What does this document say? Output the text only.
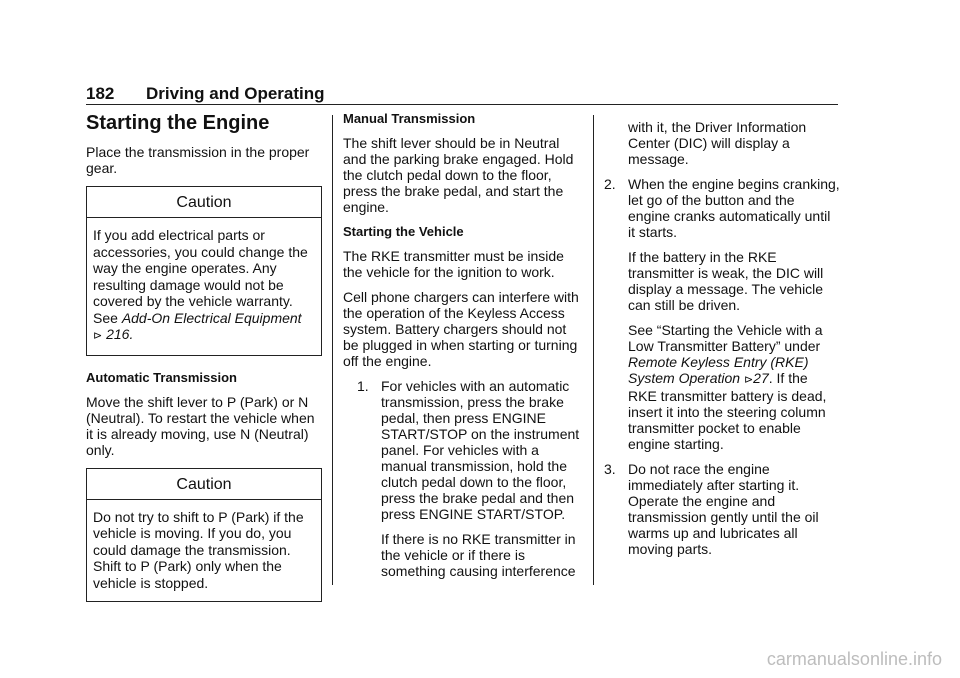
182 Driving and Operating
Starting the Engine

Place the transmission in the proper gear.

Caution
If you add electrical parts or accessories, you could change the way the engine operates. Any resulting damage would not be covered by the vehicle warranty. See Add-On Electrical Equipment
⊳ 216.
Automatic Transmission

Move the shift lever to P (Park) or N (Neutral). To restart the vehicle when it is already moving, use N (Neutral) only.

Caution
Do not try to shift to P (Park) if the vehicle is moving. If you do, you could damage the transmission. Shift to P (Park) only when the vehicle is stopped.
Manual Transmission

The shift lever should be in Neutral and the parking brake engaged. Hold the clutch pedal down to the floor, press the brake pedal, and start the engine.

Starting the Vehicle

The RKE transmitter must be inside the vehicle for the ignition to work.

Cell phone chargers can interfere with the operation of the Keyless Access system. Battery chargers should not be plugged in when starting or turning off the engine.

1. For vehicles with an automatic transmission, press the brake pedal, then press ENGINE START/STOP on the instrument panel. For vehicles with a manual transmission, hold the clutch pedal down to the floor, press the brake pedal and then press ENGINE START/STOP.

If there is no RKE transmitter in the vehicle or if there is something causing interference

with it, the Driver Information Center (DIC) will display a message.

2. When the engine begins cranking, let go of the button and the engine cranks automatically until it starts.

If the battery in the RKE transmitter is weak, the DIC will display a message. The vehicle can still be driven.

See “Starting the Vehicle with a Low Transmitter Battery” under Remote Keyless Entry (RKE) System Operation ⊳27. If the RKE transmitter battery is dead, insert it into the steering column transmitter pocket to enable engine starting.

3. Do not race the engine immediately after starting it. Operate the engine and transmission gently until the oil warms up and lubricates all moving parts.

carmanualsonline.info
